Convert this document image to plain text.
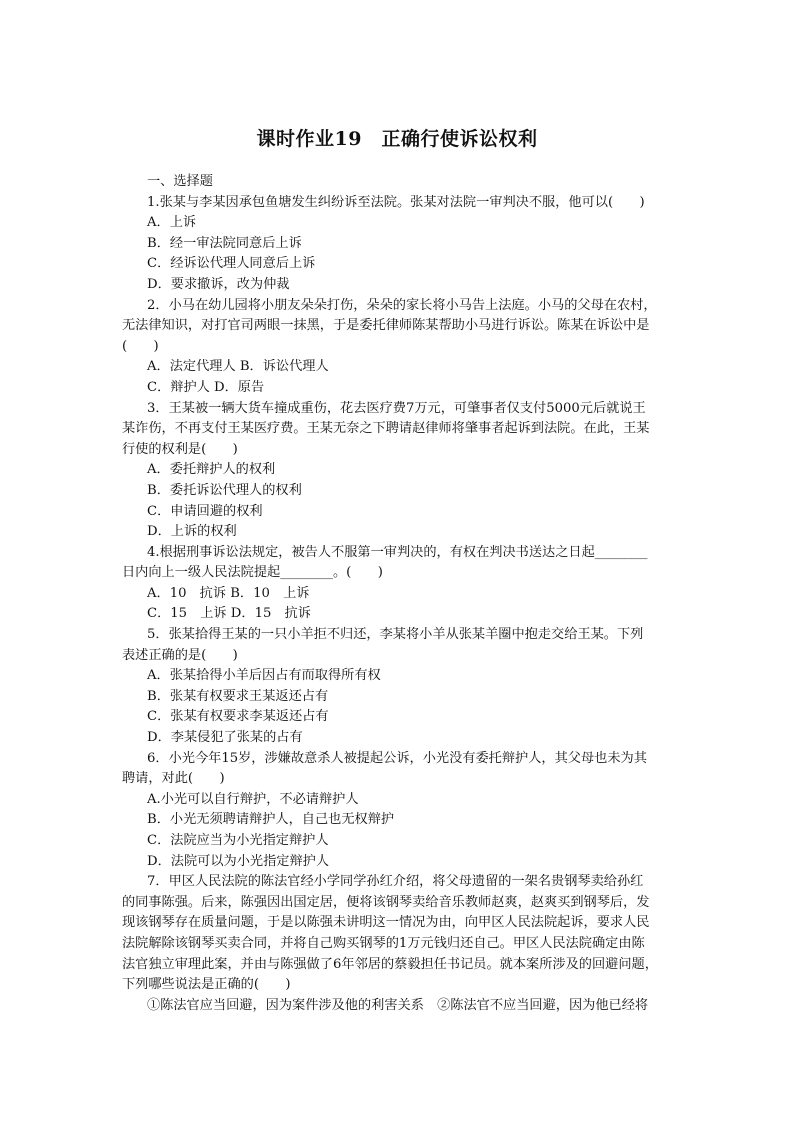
课时作业19　正确行使诉讼权利
一、选择题
1.张某与李某因承包鱼塘发生纠纷诉至法院。张某对法院一审判决不服，他可以(　　)
A．上诉
B．经一审法院同意后上诉
C．经诉讼代理人同意后上诉
D．要求撤诉，改为仲裁
2．小马在幼儿园将小朋友朵朵打伤，朵朵的家长将小马告上法庭。小马的父母在农村，
无法律知识，对打官司两眼一抹黑，于是委托律师陈某帮助小马进行诉讼。陈某在诉讼中是
(　　)
A．法定代理人 B．诉讼代理人
C．辩护人 D．原告
3．王某被一辆大货车撞成重伤，花去医疗费7万元，可肇事者仅支付5000元后就说王
某诈伤，不再支付王某医疗费。王某无奈之下聘请赵律师将肇事者起诉到法院。在此，王某
行使的权利是(　　)
A．委托辩护人的权利
B．委托诉讼代理人的权利
C．申请回避的权利
D．上诉的权利
4.根据刑事诉讼法规定，被告人不服第一审判决的，有权在判决书送达之日起________
日内向上一级人民法院提起________。(　　)
A．10　抗诉 B．10　上诉
C．15　上诉 D．15　抗诉
5．张某拾得王某的一只小羊拒不归还，李某将小羊从张某羊圈中抱走交给王某。下列
表述正确的是(　　)
A．张某拾得小羊后因占有而取得所有权
B．张某有权要求王某返还占有
C．张某有权要求李某返还占有
D．李某侵犯了张某的占有
6．小光今年15岁，涉嫌故意杀人被提起公诉，小光没有委托辩护人，其父母也未为其
聘请，对此(　　)
A.小光可以自行辩护，不必请辩护人
B．小光无须聘请辩护人，自己也无权辩护
C．法院应当为小光指定辩护人
D．法院可以为小光指定辩护人
7．甲区人民法院的陈法官经小学同学孙红介绍，将父母遗留的一架名贵钢琴卖给孙红
的同事陈强。后来，陈强因出国定居，便将该钢琴卖给音乐教师赵爽，赵爽买到钢琴后，发
现该钢琴存在质量问题，于是以陈强未讲明这一情况为由，向甲区人民法院起诉，要求人民
法院解除该钢琴买卖合同，并将自己购买钢琴的1万元钱归还自己。甲区人民法院确定由陈
法官独立审理此案，并由与陈强做了6年邻居的蔡毅担任书记员。就本案所涉及的回避问题，
下列哪些说法是正确的(　　)
①陈法官应当回避，因为案件涉及他的利害关系　②陈法官不应当回避，因为他已经将
